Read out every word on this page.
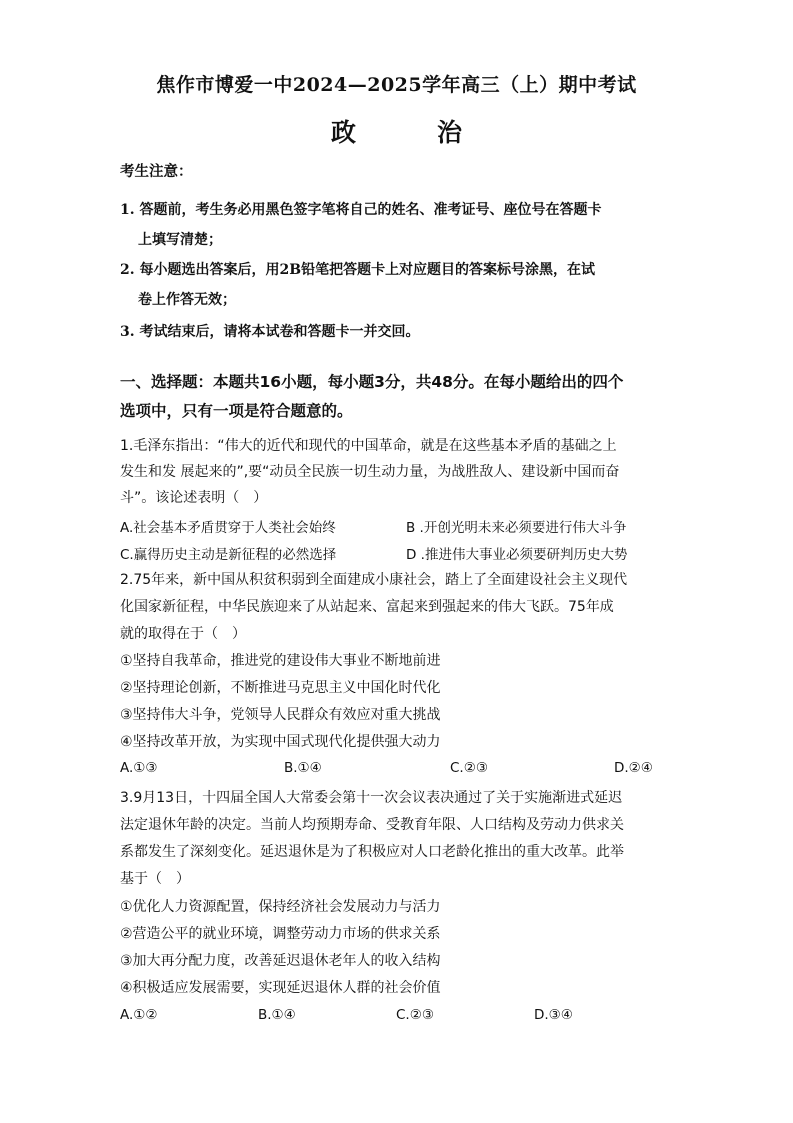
焦作市博爱一中2024—2025学年高三（上）期中考试
政　治
考生注意：
1. 答题前，考生务必用黑色签字笔将自己的姓名、准考证号、座位号在答题卡
上填写清楚；
2. 每小题选出答案后，用2B铅笔把答题卡上对应题目的答案标号涂黑，在试
卷上作答无效；
3. 考试结束后，请将本试卷和答题卡一并交回。
一、选择题：本题共16小题，每小题3分，共48分。在每小题给出的四个
选项中，只有一项是符合题意的。
1.毛泽东指出：“伟大的近代和现代的中国革命，就是在这些基本矛盾的基础之上
发生和发 展起来的”,要“动员全民族一切生动力量，为战胜敌人、建设新中国而奋
斗”。该论述表明（　）
A.社会基本矛盾贯穿于人类社会始终	B .开创光明未来必须要进行伟大斗争
C.赢得历史主动是新征程的必然选择	D .推进伟大事业必须要研判历史大势
2.75年来，新中国从积贫积弱到全面建成小康社会，踏上了全面建设社会主义现代
化国家新征程，中华民族迎来了从站起来、富起来到强起来的伟大飞跃。75年成
就的取得在于（　）
①坚持自我革命，推进党的建设伟大事业不断地前进
②坚持理论创新，不断推进马克思主义中国化时代化
③坚持伟大斗争，党领导人民群众有效应对重大挑战
④坚持改革开放，为实现中国式现代化提供强大动力
A.①③	B.①④	C.②③	D.②④
3.9月13日，十四届全国人大常委会第十一次会议表决通过了关于实施渐进式延迟
法定退休年龄的决定。当前人均预期寿命、受教育年限、人口结构及劳动力供求关
系都发生了深刻变化。延迟退休是为了积极应对人口老龄化推出的重大改革。此举
基于（　）
①优化人力资源配置，保持经济社会发展动力与活力
②营造公平的就业环境，调整劳动力市场的供求关系
③加大再分配力度，改善延迟退休老年人的收入结构
④积极适应发展需要，实现延迟退休人群的社会价值
A.①②	B.①④	C.②③	D.③④
